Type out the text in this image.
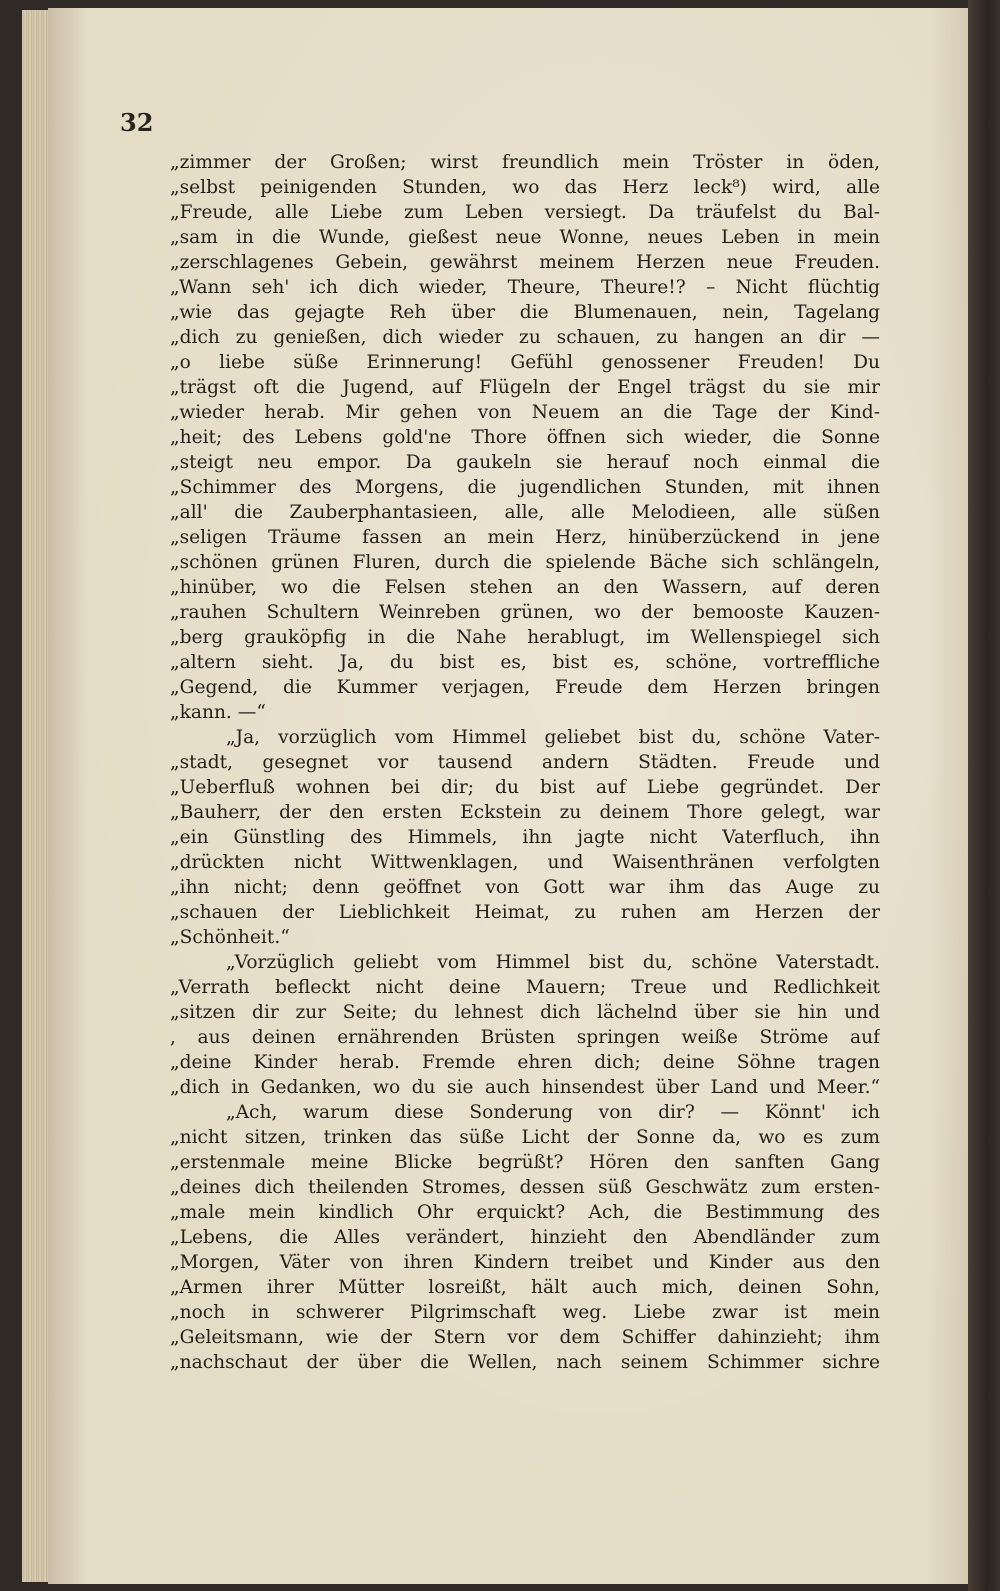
32
„zimmer der Großen; wirst freundlich mein Tröster in öden,
„selbst peinigenden Stunden, wo das Herz leck⁸) wird, alle
„Freude, alle Liebe zum Leben versiegt. Da träufelst du Bal-
„sam in die Wunde, gießest neue Wonne, neues Leben in mein
„zerschlagenes Gebein, gewährst meinem Herzen neue Freuden.
„Wann seh' ich dich wieder, Theure, Theure!? – Nicht flüchtig
„wie das gejagte Reh über die Blumenauen, nein, Tagelang
„dich zu genießen, dich wieder zu schauen, zu hangen an dir —
„o liebe süße Erinnerung! Gefühl genossener Freuden! Du
„trägst oft die Jugend, auf Flügeln der Engel trägst du sie mir
„wieder herab. Mir gehen von Neuem an die Tage der Kind-
„heit; des Lebens gold'ne Thore öffnen sich wieder, die Sonne
„steigt neu empor. Da gaukeln sie herauf noch einmal die
„Schimmer des Morgens, die jugendlichen Stunden, mit ihnen
„all' die Zauberphantasieen, alle, alle Melodieen, alle süßen
„seligen Träume fassen an mein Herz, hinüberzückend in jene
„schönen grünen Fluren, durch die spielende Bäche sich schlängeln,
„hinüber, wo die Felsen stehen an den Wassern, auf deren
„rauhen Schultern Weinreben grünen, wo der bemooste Kauzen-
„berg grauköpfig in die Nahe herablugt, im Wellenspiegel sich
„altern sieht. Ja, du bist es, bist es, schöne, vortreffliche
„Gegend, die Kummer verjagen, Freude dem Herzen bringen
„kann. —“
„Ja, vorzüglich vom Himmel geliebet bist du, schöne Vater-
„stadt, gesegnet vor tausend andern Städten. Freude und
„Ueberfluß wohnen bei dir; du bist auf Liebe gegründet. Der
„Bauherr, der den ersten Eckstein zu deinem Thore gelegt, war
„ein Günstling des Himmels, ihn jagte nicht Vaterfluch, ihn
„drückten nicht Wittwenklagen, und Waisenthränen verfolgten
„ihn nicht; denn geöffnet von Gott war ihm das Auge zu
„schauen der Lieblichkeit Heimat, zu ruhen am Herzen der
„Schönheit.“
„Vorzüglich geliebt vom Himmel bist du, schöne Vaterstadt.
„Verrath befleckt nicht deine Mauern; Treue und Redlichkeit
„sitzen dir zur Seite; du lehnest dich lächelnd über sie hin und
, aus deinen ernährenden Brüsten springen weiße Ströme auf
„deine Kinder herab. Fremde ehren dich; deine Söhne tragen
„dich in Gedanken, wo du sie auch hinsendest über Land und Meer.“
„Ach, warum diese Sonderung von dir? — Könnt' ich
„nicht sitzen, trinken das süße Licht der Sonne da, wo es zum
„erstenmale meine Blicke begrüßt? Hören den sanften Gang
„deines dich theilenden Stromes, dessen süß Geschwätz zum ersten-
„male mein kindlich Ohr erquickt? Ach, die Bestimmung des
„Lebens, die Alles verändert, hinzieht den Abendländer zum
„Morgen, Väter von ihren Kindern treibet und Kinder aus den
„Armen ihrer Mütter losreißt, hält auch mich, deinen Sohn,
„noch in schwerer Pilgrimschaft weg. Liebe zwar ist mein
„Geleitsmann, wie der Stern vor dem Schiffer dahinzieht; ihm
„nachschaut der über die Wellen, nach seinem Schimmer sichre
